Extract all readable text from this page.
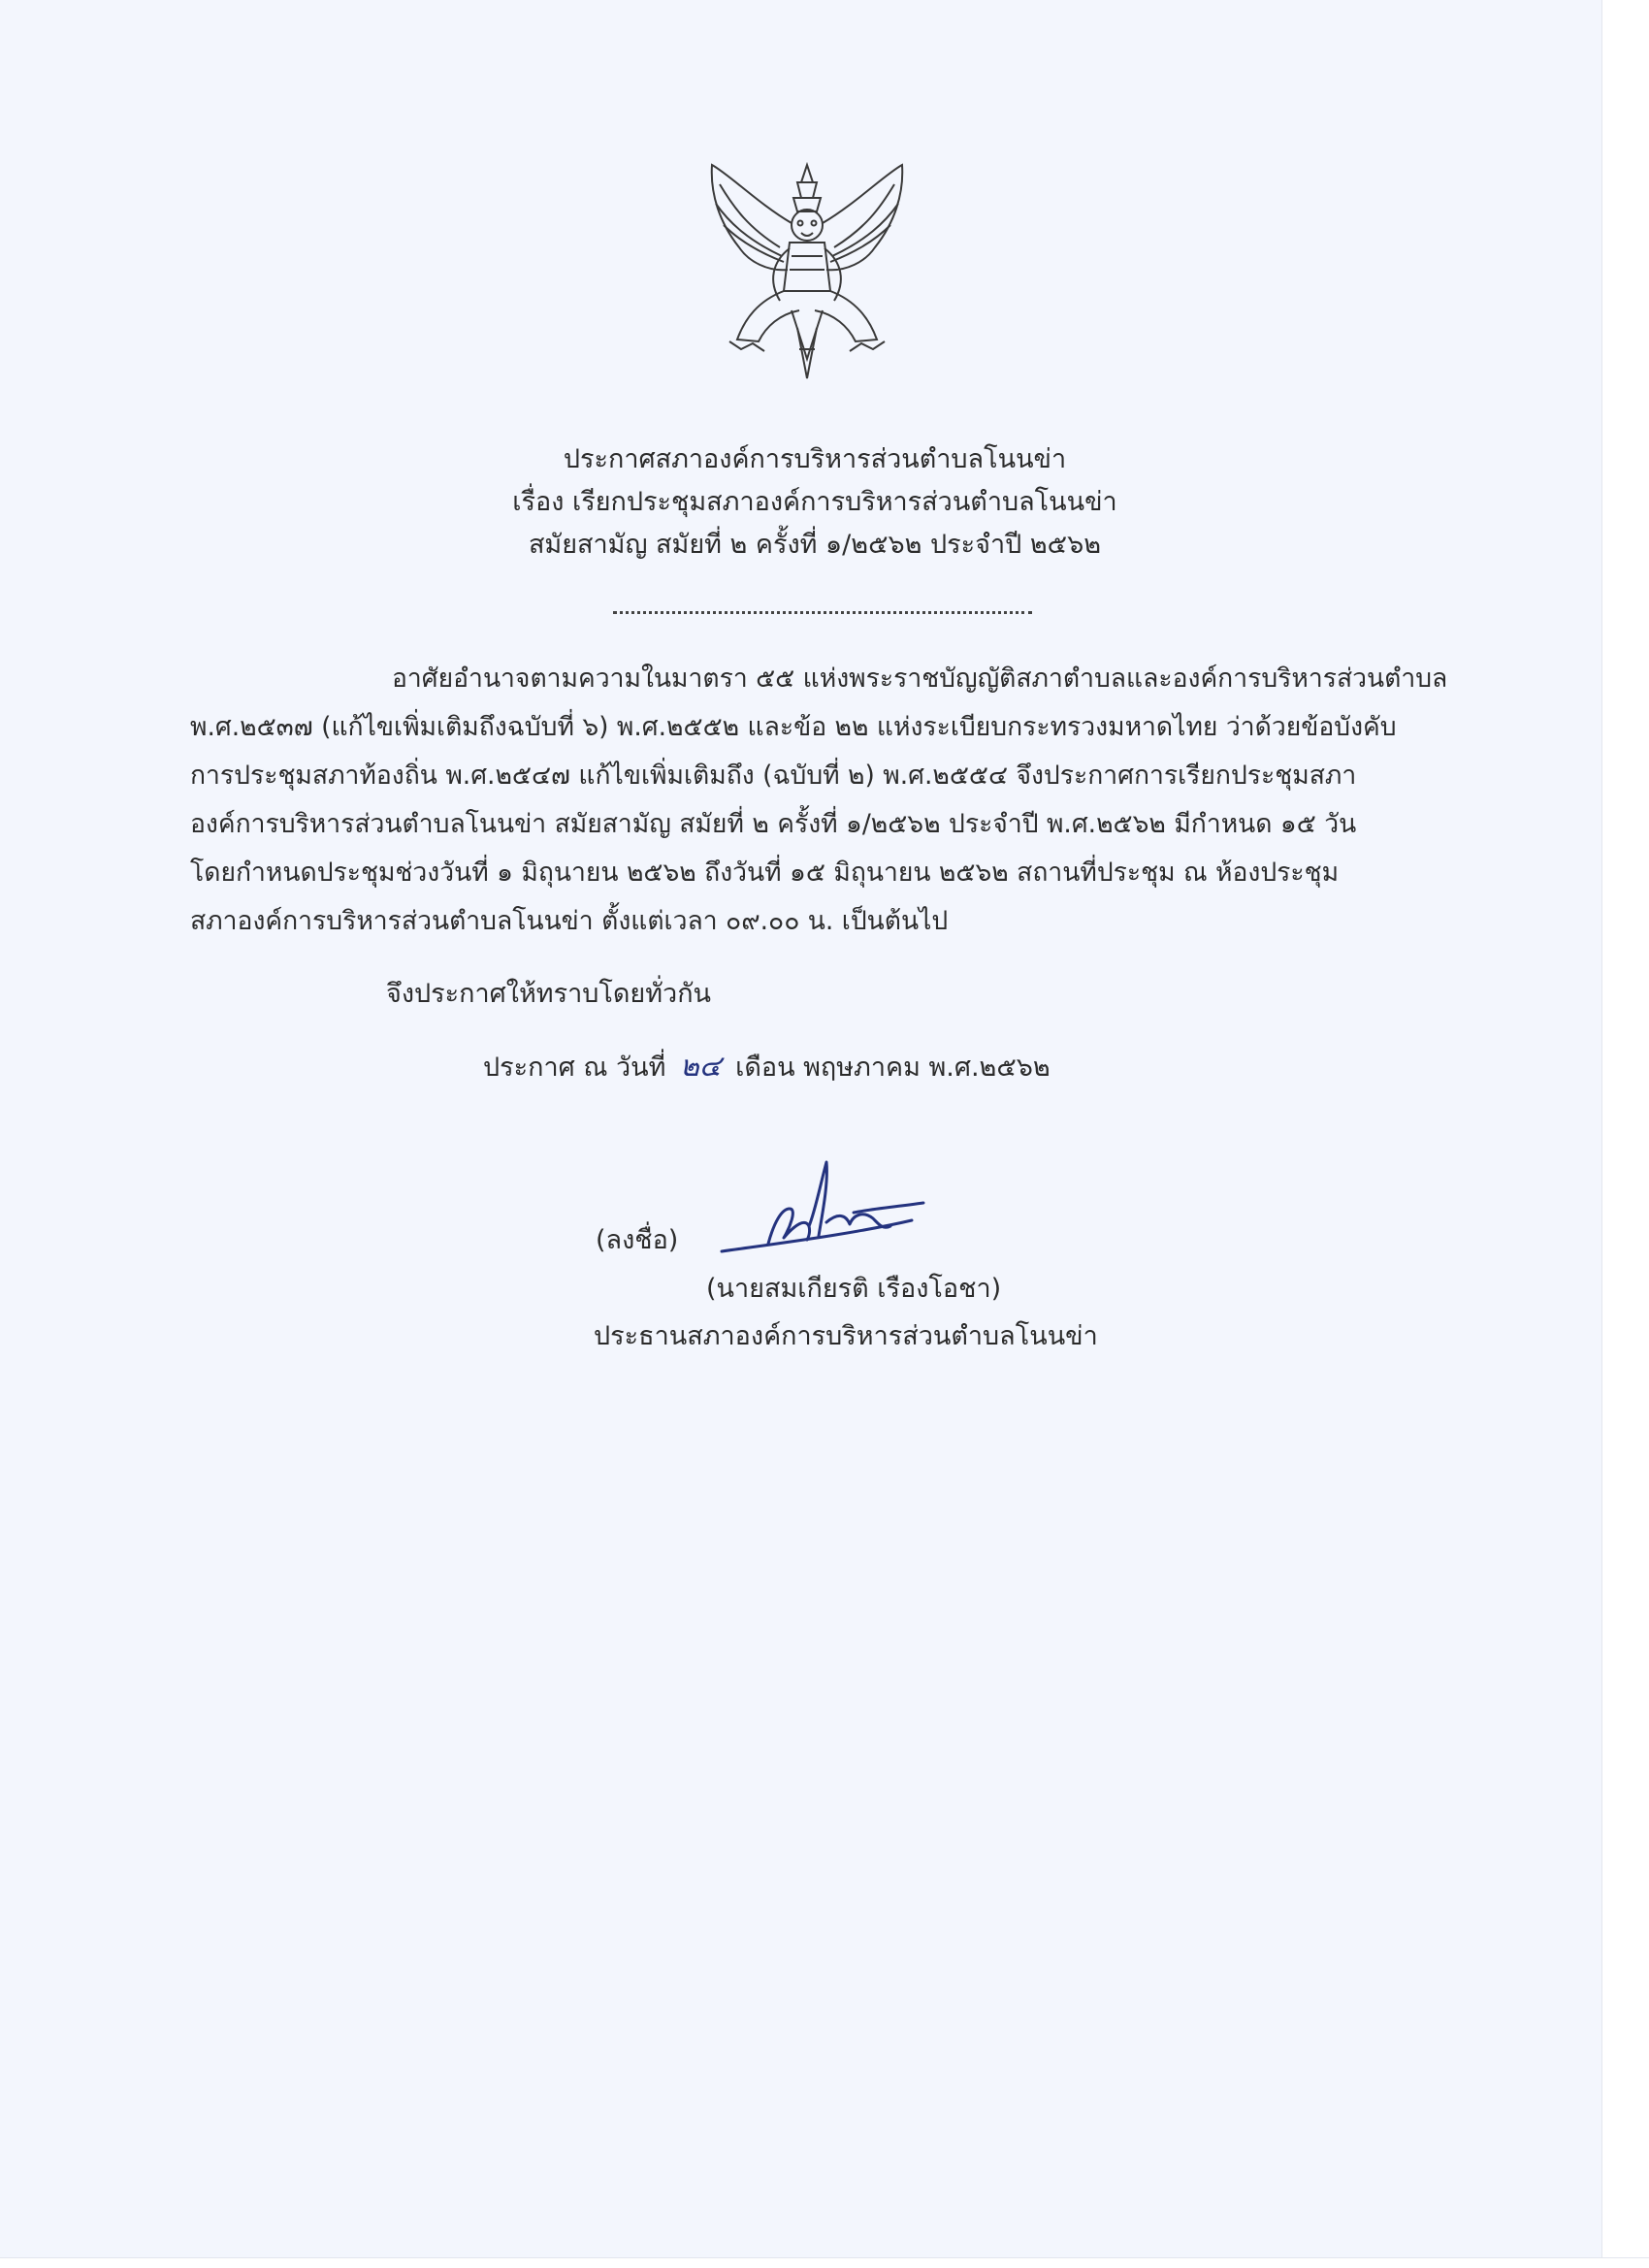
ประกาศสภาองค์การบริหารส่วนตำบลโนนข่า
เรื่อง เรียกประชุมสภาองค์การบริหารส่วนตำบลโนนข่า
สมัยสามัญ สมัยที่ ๒ ครั้งที่ ๑/๒๕๖๒ ประจำปี ๒๕๖๒
อาศัยอำนาจตามความในมาตรา ๕๕ แห่งพระราชบัญญัติสภาตำบลและองค์การบริหารส่วนตำบล
พ.ศ.๒๕๓๗ (แก้ไขเพิ่มเติมถึงฉบับที่ ๖) พ.ศ.๒๕๕๒ และข้อ ๒๒ แห่งระเบียบกระทรวงมหาดไทย ว่าด้วยข้อบังคับ
การประชุมสภาท้องถิ่น พ.ศ.๒๕๔๗ แก้ไขเพิ่มเติมถึง (ฉบับที่ ๒) พ.ศ.๒๕๕๔ จึงประกาศการเรียกประชุมสภา
องค์การบริหารส่วนตำบลโนนข่า สมัยสามัญ สมัยที่ ๒ ครั้งที่ ๑/๒๕๖๒ ประจำปี พ.ศ.๒๕๖๒ มีกำหนด ๑๕ วัน
โดยกำหนดประชุมช่วงวันที่ ๑ มิถุนายน ๒๕๖๒ ถึงวันที่ ๑๕ มิถุนายน ๒๕๖๒ สถานที่ประชุม ณ ห้องประชุม
สภาองค์การบริหารส่วนตำบลโนนข่า ตั้งแต่เวลา ๐๙.๐๐ น. เป็นต้นไป
จึงประกาศให้ทราบโดยทั่วกัน
ประกาศ ณ วันที่ ๒๔ เดือน พฤษภาคม พ.ศ.๒๕๖๒
(ลงชื่อ)
(นายสมเกียรติ เรืองโอชา)
ประธานสภาองค์การบริหารส่วนตำบลโนนข่า
